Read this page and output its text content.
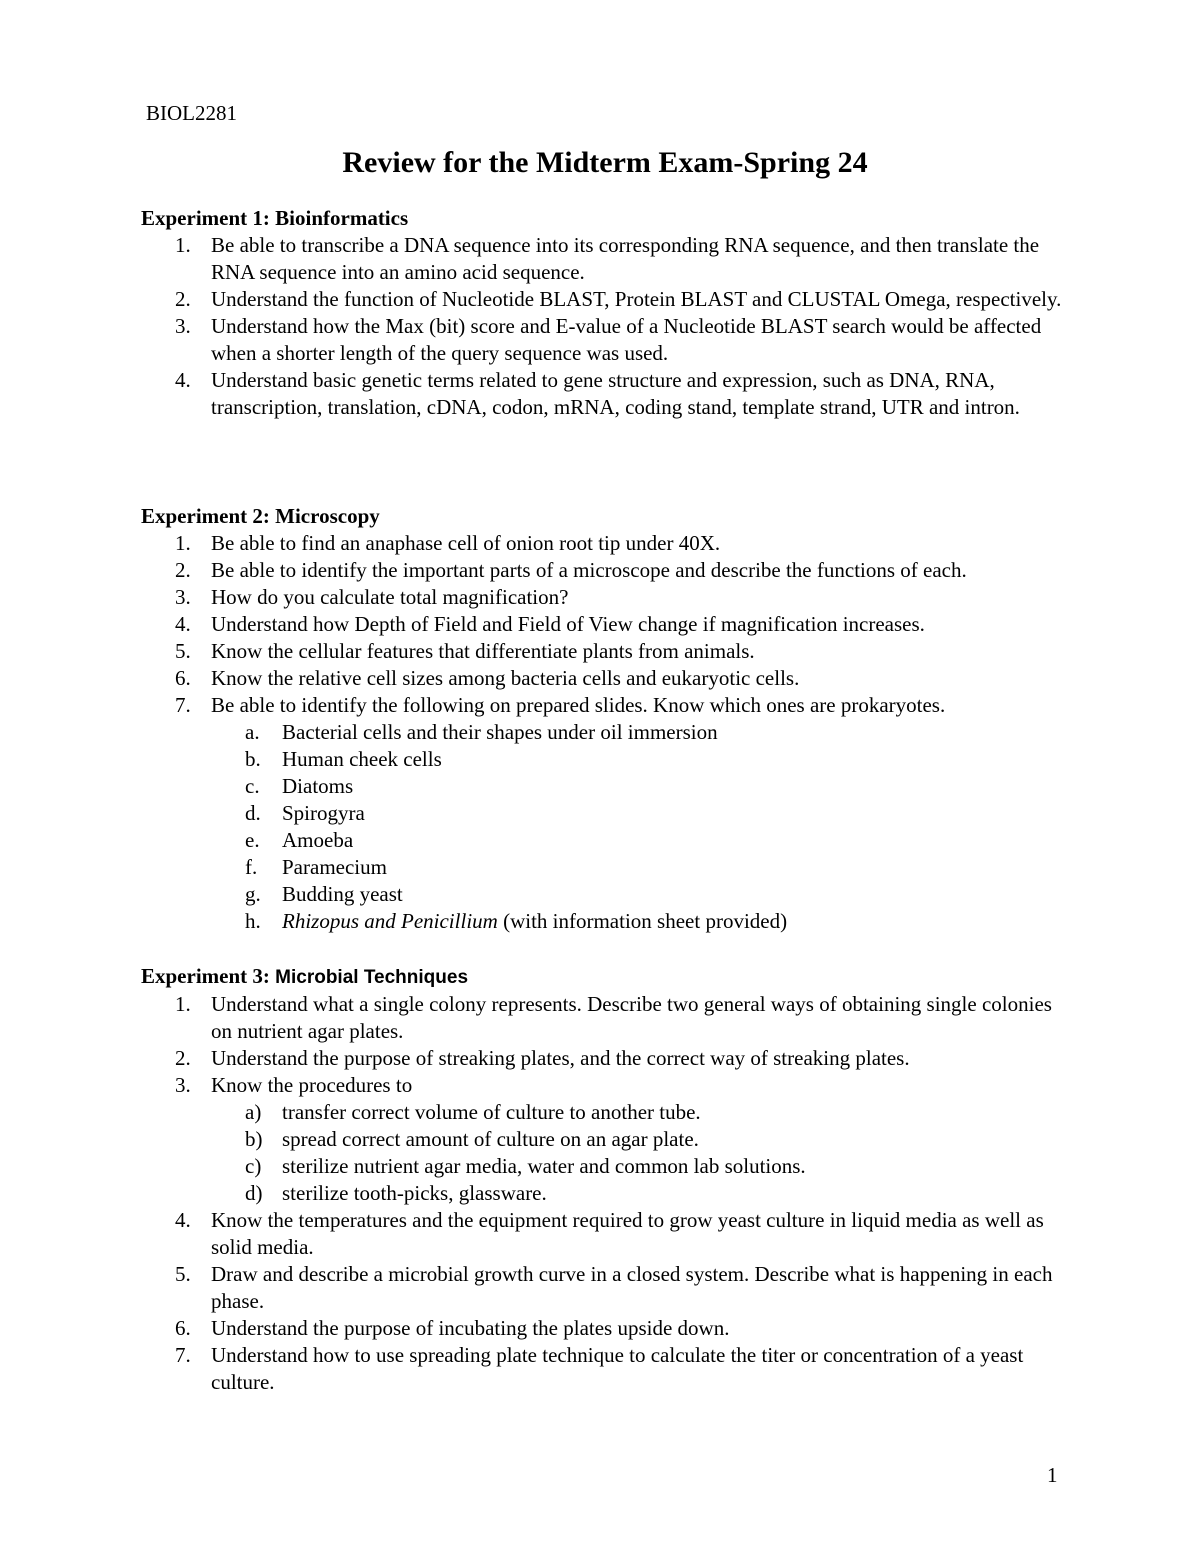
BIOL2281
Review for the Midterm Exam-Spring 24

Experiment 1: Bioinformatics

1. Be able to transcribe a DNA sequence into its corresponding RNA sequence, and then translate the RNA sequence into an amino acid sequence.
2. Understand the function of Nucleotide BLAST, Protein BLAST and CLUSTAL Omega, respectively.
3. Understand how the Max (bit) score and E-value of a Nucleotide BLAST search would be affected when a shorter length of the query sequence was used.
4. Understand basic genetic terms related to gene structure and expression, such as DNA, RNA, transcription, translation, cDNA, codon, mRNA, coding stand, template strand, UTR and intron.

Experiment 2: Microscopy

1. Be able to find an anaphase cell of onion root tip under 40X.
2. Be able to identify the important parts of a microscope and describe the functions of each.
3. How do you calculate total magnification?
4. Understand how Depth of Field and Field of View change if magnification increases.
5. Know the cellular features that differentiate plants from animals.
6. Know the relative cell sizes among bacteria cells and eukaryotic cells.
7. Be able to identify the following on prepared slides. Know which ones are prokaryotes.
a. Bacterial cells and their shapes under oil immersion
b. Human cheek cells
c. Diatoms
d. Spirogyra
e. Amoeba
f. Paramecium
g. Budding yeast
h. Rhizopus and Penicillium (with information sheet provided)

Experiment 3: Microbial Techniques

1. Understand what a single colony represents. Describe two general ways of obtaining single colonies on nutrient agar plates.
2. Understand the purpose of streaking plates, and the correct way of streaking plates.
3. Know the procedures to
a) transfer correct volume of culture to another tube.
b) spread correct amount of culture on an agar plate.
c) sterilize nutrient agar media, water and common lab solutions.
d) sterilize tooth-picks, glassware.
4. Know the temperatures and the equipment required to grow yeast culture in liquid media as well as solid media.
5. Draw and describe a microbial growth curve in a closed system. Describe what is happening in each phase.
6. Understand the purpose of incubating the plates upside down.
7. Understand how to use spreading plate technique to calculate the titer or concentration of a yeast culture.
1
